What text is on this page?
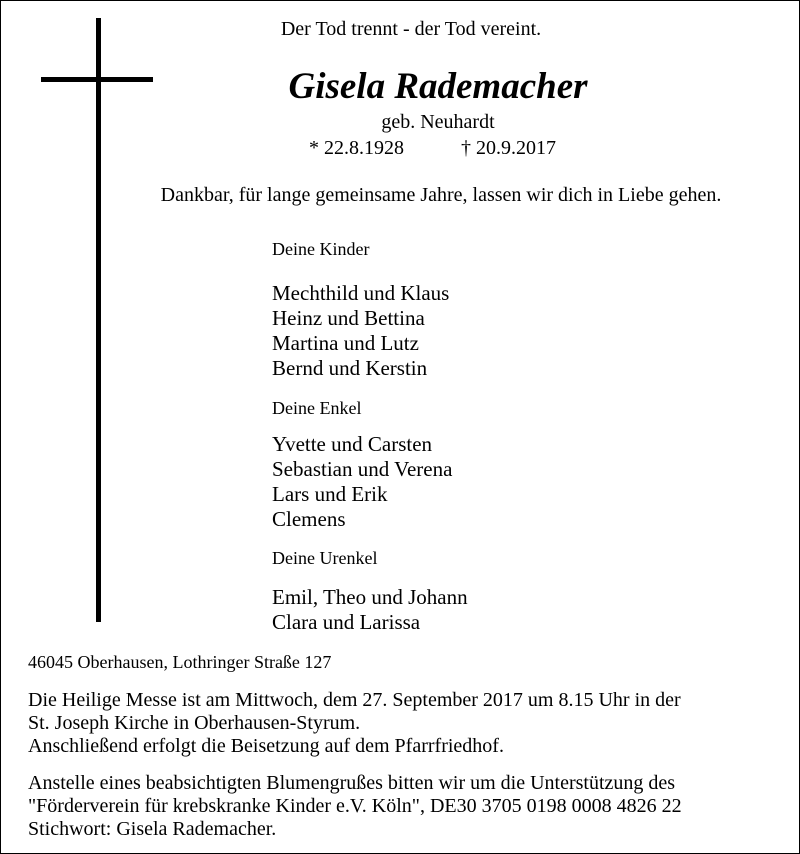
Der Tod trennt - der Tod vereint.
Gisela Rademacher
geb. Neuhardt
* 22.8.1928	† 20.9.2017
Dankbar, für lange gemeinsame Jahre, lassen wir dich in Liebe gehen.
Deine Kinder
Mechthild und Klaus
Heinz und Bettina
Martina und Lutz
Bernd und Kerstin
Deine Enkel
Yvette und Carsten
Sebastian und Verena
Lars und Erik
Clemens
Deine Urenkel
Emil, Theo und Johann
Clara und Larissa
46045 Oberhausen, Lothringer Straße 127
Die Heilige Messe ist am Mittwoch, dem 27. September 2017 um 8.15 Uhr in der
St. Joseph Kirche in Oberhausen-Styrum.
Anschließend erfolgt die Beisetzung auf dem Pfarrfriedhof.
Anstelle eines beabsichtigten Blumengrußes bitten wir um die Unterstützung des
"Förderverein für krebskranke Kinder e.V. Köln", DE30 3705 0198 0008 4826 22
Stichwort: Gisela Rademacher.
